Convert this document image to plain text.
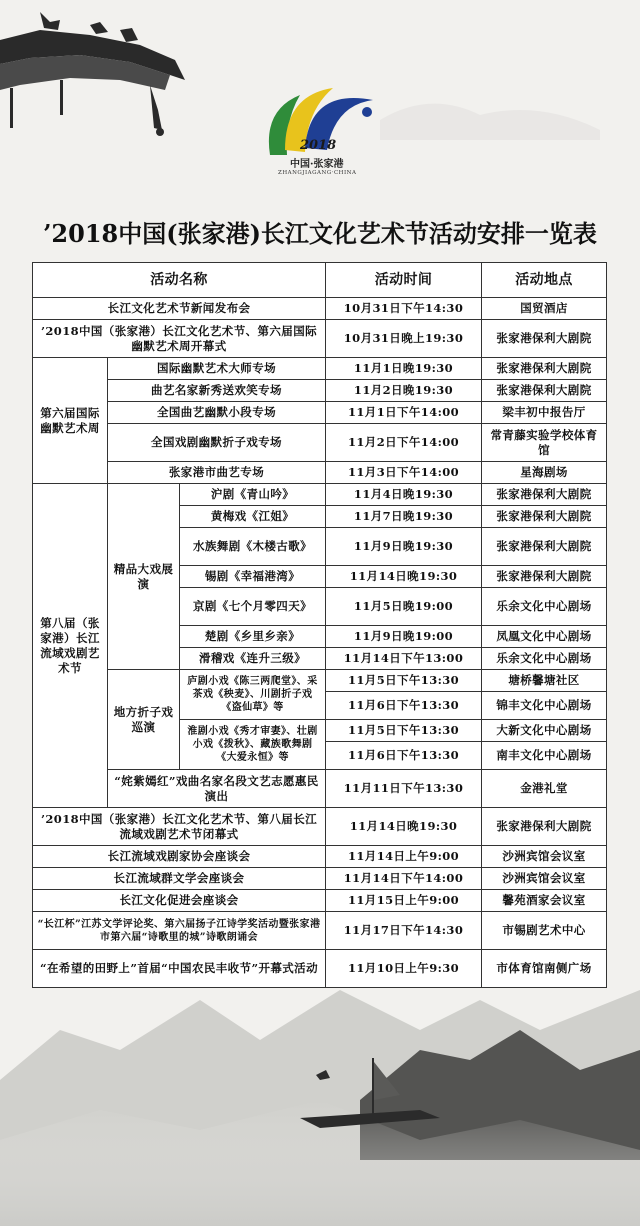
2018
中国·张家港
ZHANGJIAGANG·CHINA
’2018中国(张家港)长江文化艺术节活动安排一览表
活动名称			活动时间	活动地点
长江文化艺术节新闻发布会			10月31日下午14:30	国贸酒店
’2018中国（张家港）长江文化艺术节、第六届国际幽默艺术周开幕式			10月31日晚上19:30	张家港保利大剧院
第六届国际幽默艺术周	国际幽默艺术大师专场		11月1日晚19:30	张家港保利大剧院
	曲艺名家新秀送欢笑专场		11月2日晚19:30	张家港保利大剧院
	全国曲艺幽默小段专场		11月1日下午14:00	梁丰初中报告厅
	全国戏剧幽默折子戏专场		11月2日下午14:00	常青藤实验学校体育馆
	张家港市曲艺专场		11月3日下午14:00	星海剧场
第八届（张家港）长江流域戏剧艺术节	精品大戏展演	沪剧《青山吟》	11月4日晚19:30	张家港保利大剧院
		黄梅戏《江姐》	11月7日晚19:30	张家港保利大剧院
		水族舞剧《木楼古歌》	11月9日晚19:30	张家港保利大剧院
		锡剧《幸福港湾》	11月14日晚19:30	张家港保利大剧院
		京剧《七个月零四天》	11月5日晚19:00	乐余文化中心剧场
		楚剧《乡里乡亲》	11月9日晚19:00	凤凰文化中心剧场
		滑稽戏《连升三级》	11月14日下午13:00	乐余文化中心剧场
	地方折子戏巡演	庐剧小戏《陈三两爬堂》、采茶戏《秧麦》、川剧折子戏《盗仙草》等	11月5日下午13:30	塘桥馨塘社区
			11月6日下午13:30	锦丰文化中心剧场
		淮剧小戏《秀才审妻》、壮剧小戏《拨秋》、藏族歌舞剧《大爱永恒》等	11月5日下午13:30	大新文化中心剧场
			11月6日下午13:30	南丰文化中心剧场
	“姹紫嫣红”戏曲名家名段文艺志愿惠民演出		11月11日下午13:30	金港礼堂
’2018中国（张家港）长江文化艺术节、第八届长江流域戏剧艺术节闭幕式			11月14日晚19:30	张家港保利大剧院
长江流域戏剧家协会座谈会			11月14日上午9:00	沙洲宾馆会议室
长江流域群文学会座谈会			11月14日下午14:00	沙洲宾馆会议室
长江文化促进会座谈会			11月15日上午9:00	馨苑酒家会议室
“长江杯”江苏文学评论奖、第六届扬子江诗学奖活动暨张家港市第六届“诗歌里的城”诗歌朗诵会			11月17日下午14:30	市锡剧艺术中心
“在希望的田野上”首届“中国农民丰收节”开幕式活动			11月10日上午9:30	市体育馆南侧广场
